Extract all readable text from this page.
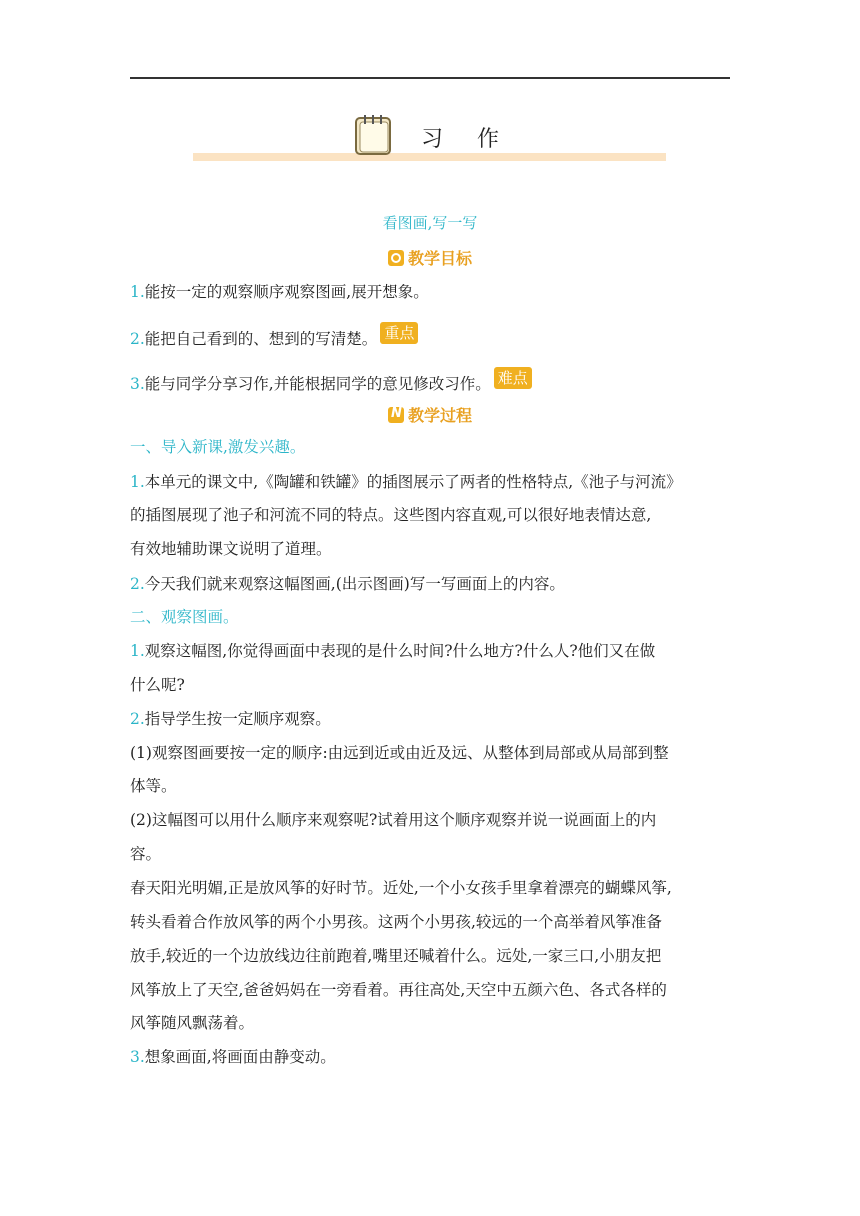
习作
看图画,写一写
教学目标
1.能按一定的观察顺序观察图画,展开想象。
2.能把自己看到的、想到的写清楚。 重点
3.能与同学分享习作,并能根据同学的意见修改习作。 难点
N教学过程
一、导入新课,激发兴趣。
1.本单元的课文中,《陶罐和铁罐》的插图展示了两者的性格特点,《池子与河流》
的插图展现了池子和河流不同的特点。这些图内容直观,可以很好地表情达意,
有效地辅助课文说明了道理。
2.今天我们就来观察这幅图画,(出示图画)写一写画面上的内容。
二、观察图画。
1.观察这幅图,你觉得画面中表现的是什么时间?什么地方?什么人?他们又在做
什么呢?
2.指导学生按一定顺序观察。
(1)观察图画要按一定的顺序:由远到近或由近及远、从整体到局部或从局部到整
体等。
(2)这幅图可以用什么顺序来观察呢?试着用这个顺序观察并说一说画面上的内
容。
春天阳光明媚,正是放风筝的好时节。近处,一个小女孩手里拿着漂亮的蝴蝶风筝,
转头看着合作放风筝的两个小男孩。这两个小男孩,较远的一个高举着风筝准备
放手,较近的一个边放线边往前跑着,嘴里还喊着什么。远处,一家三口,小朋友把
风筝放上了天空,爸爸妈妈在一旁看着。再往高处,天空中五颜六色、各式各样的
风筝随风飘荡着。
3.想象画面,将画面由静变动。
